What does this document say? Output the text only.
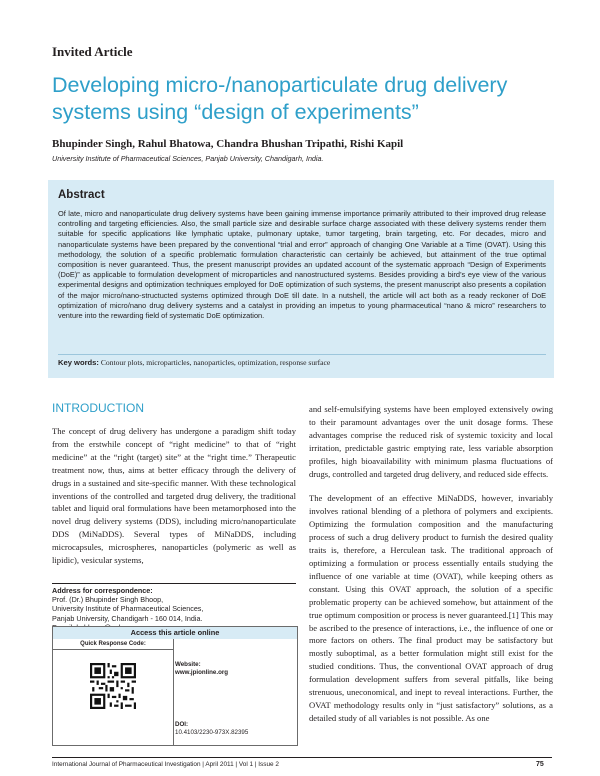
Invited Article
Developing micro-/nanoparticulate drug delivery systems using “design of experiments”
Bhupinder Singh, Rahul Bhatowa, Chandra Bhushan Tripathi, Rishi Kapil
University Institute of Pharmaceutical Sciences, Panjab University, Chandigarh, India.
Abstract
Of late, micro and nanoparticulate drug delivery systems have been gaining immense importance primarily attributed to their improved drug release controlling and targeting efficiencies. Also, the small particle size and desirable surface charge associated with these delivery systems render them suitable for specific applications like lymphatic uptake, pulmonary uptake, tumor targeting, brain targeting, etc. For decades, micro and nanoparticulate systems have been prepared by the conventional “trial and error” approach of changing One Variable at a Time (OVAT). Using this methodology, the solution of a specific problematic formulation characteristic can certainly be achieved, but attainment of the true optimal composition is never guaranteed. Thus, the present manuscript provides an updated account of the systematic approach “Design of Experiments (DoE)” as applicable to formulation development of microparticles and nanostructured systems. Besides providing a bird’s eye view of the various experimental designs and optimization techniques employed for DoE optimization of such systems, the present manuscript also presents a copilation of the major micro/nano-structucted systems optimized through DoE till date. In a nutshell, the article will act both as a ready reckoner of DoE optimization of micro/nano drug delivery systems and a catalyst in providing an impetus to young pharmaceutical “nano & micro” researchers to venture into the rewarding field of systematic DoE optimization.
Key words: Contour plots, microparticles, nanoparticles, optimization, response surface
INTRODUCTION

The concept of drug delivery has undergone a paradigm shift today from the erstwhile concept of “right medicine” to that of “right medicine” at the “right (target) site” at the “right time.” Therapeutic treatment now, thus, aims at better efficacy through the delivery of drugs in a sustained and site-specific manner. With these technological inventions of the controlled and targeted drug delivery, the traditional tablet and liquid oral formulations have been metamorphosed into the novel drug delivery systems (DDS), including micro/nanoparticulate DDS (MiNaDDS). Several types of MiNaDDS, including microcapsules, microspheres, nanoparticles (polymeric as well as lipidic), vesicular systems,

and self-emulsifying systems have been employed extensively owing to their paramount advantages over the unit dosage forms. These advantages comprise the reduced risk of systemic toxicity and local irritation, predictable gastric emptying rate, less variable absorption profiles, high bioavailability with minimum plasma fluctuations of drugs, controlled and targeted drug delivery, and reduced side effects.

The development of an effective MiNaDDS, however, invariably involves rational blending of a plethora of polymers and excipients. Optimizing the formulation composition and the manufacturing process of such a drug delivery product to furnish the desired quality traits is, therefore, a Herculean task. The traditional approach of optimizing a formulation or process essentially entails studying the influence of one variable at time (OVAT), while keeping others as constant. Using this OVAT approach, the solution of a specific problematic property can be achieved somehow, but attainment of the true optimum composition or process is never guaranteed.[1] This may be ascribed to the presence of interactions, i.e., the influence of one or more factors on others. The final product may be satisfactory but mostly suboptimal, as a better formulation might still exist for the studied conditions. Thus, the conventional OVAT approach of drug formulation development suffers from several pitfalls, like being strenuous, uneconomical, and inept to reveal interactions. Further, the OVAT methodology results only in “just satisfactory” solutions, as a detailed study of all variables is not possible. As one

Address for correspondence:
Prof. (Dr.) Bhupinder Singh Bhoop,
University Institute of Pharmaceutical Sciences,
Panjab University, Chandigarh - 160 014, India.
Access this article online
Quick Response Code:
Website:
www.jpionline.org
DOI:
10.4103/2230-973X.82395
International Journal of Pharmaceutical Investigation | April 2011 | Vol 1 | Issue 2	75
